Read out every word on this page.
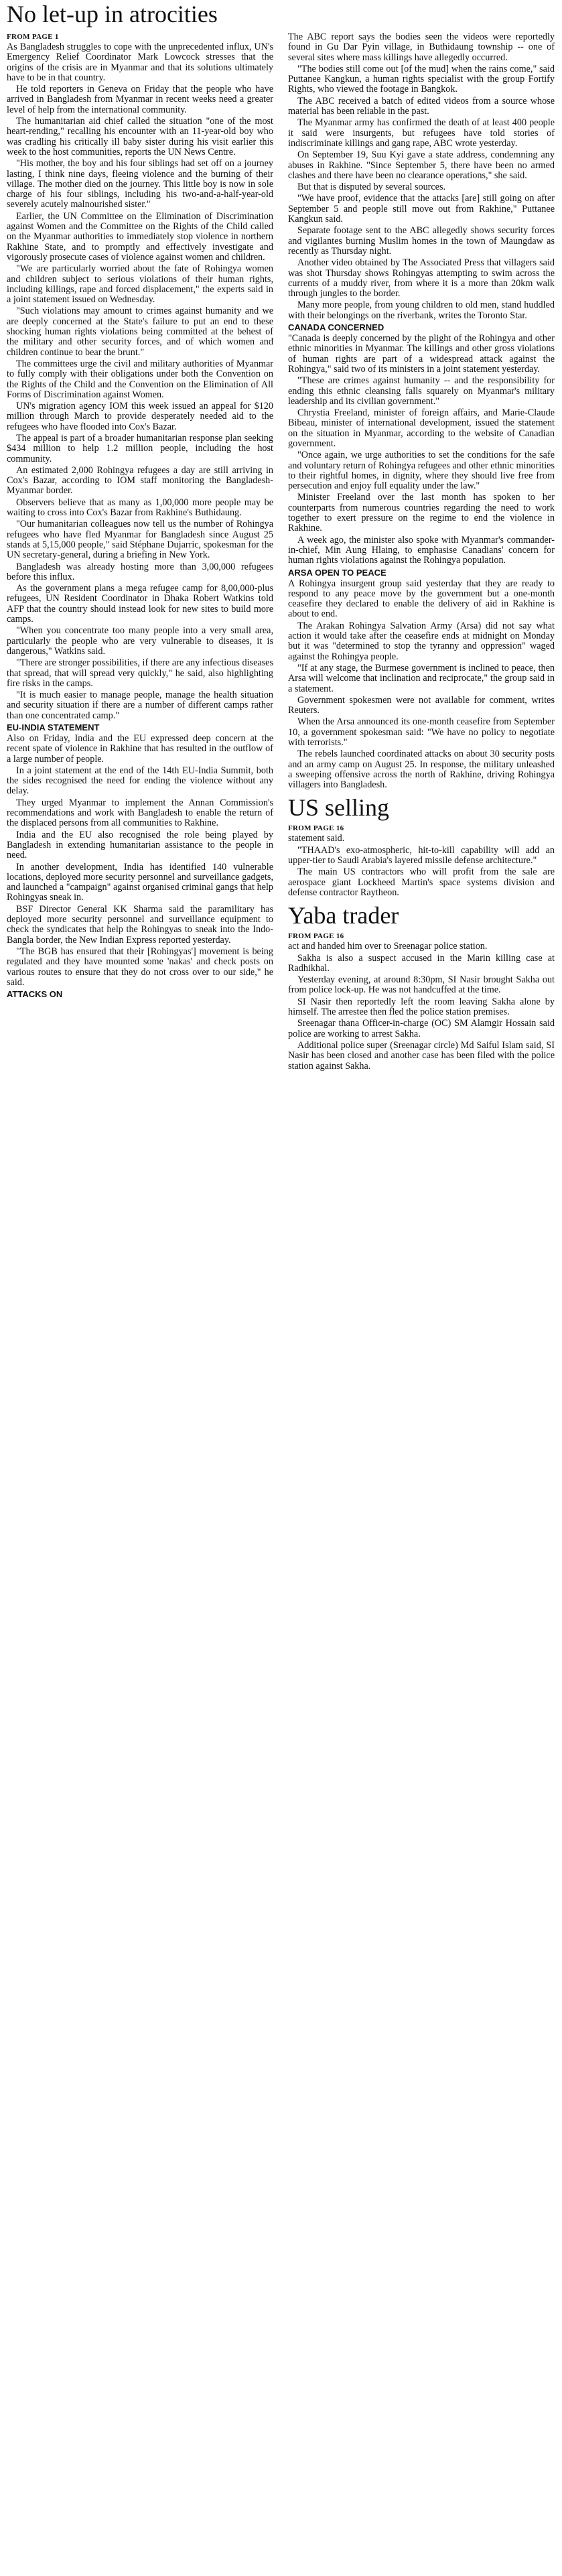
No let-up in atrocities
FROM PAGE 1

As Bangladesh struggles to cope with the unprecedented influx, UN's Emergency Relief Coordinator Mark Lowcock stresses that the origins of the crisis are in Myanmar and that its solutions ultimately have to be in that country.

He told reporters in Geneva on Friday that the people who have arrived in Bangladesh from Myanmar in recent weeks need a greater level of help from the international community.

The humanitarian aid chief called the situation "one of the most heart-rending," recalling his encounter with an 11-year-old boy who was cradling his critically ill baby sister during his visit earlier this week to the host communities, reports the UN News Centre.

"His mother, the boy and his four siblings had set off on a journey lasting, I think nine days, fleeing violence and the burning of their village. The mother died on the journey. This little boy is now in sole charge of his four siblings, including his two-and-a-half-year-old severely acutely malnourished sister."

Earlier, the UN Committee on the Elimination of Discrimination against Women and the Committee on the Rights of the Child called on the Myanmar authorities to immediately stop violence in northern Rakhine State, and to promptly and effectively investigate and vigorously prosecute cases of violence against women and children.

"We are particularly worried about the fate of Rohingya women and children subject to serious violations of their human rights, including killings, rape and forced displacement," the experts said in a joint statement issued on Wednesday.

"Such violations may amount to crimes against humanity and we are deeply concerned at the State's failure to put an end to these shocking human rights violations being committed at the behest of the military and other security forces, and of which women and children continue to bear the brunt."

The committees urge the civil and military authorities of Myanmar to fully comply with their obligations under both the Convention on the Rights of the Child and the Convention on the Elimination of All Forms of Discrimination against Women.

UN's migration agency IOM this week issued an appeal for $120 million through March to provide desperately needed aid to the refugees who have flooded into Cox's Bazar.

The appeal is part of a broader humanitarian response plan seeking $434 million to help 1.2 million people, including the host community.

An estimated 2,000 Rohingya refugees a day are still arriving in Cox's Bazar, according to IOM staff monitoring the Bangladesh-Myanmar border.

Observers believe that as many as 1,00,000 more people may be waiting to cross into Cox's Bazar from Rakhine's Buthidaung.

"Our humanitarian colleagues now tell us the number of Rohingya refugees who have fled Myanmar for Bangladesh since August 25 stands at 5,15,000 people," said Stéphane Dujarric, spokesman for the UN secretary-general, during a briefing in New York.

Bangladesh was already hosting more than 3,00,000 refugees before this influx.

As the government plans a mega refugee camp for 8,00,000-plus refugees, UN Resident Coordinator in Dhaka Robert Watkins told AFP that the country should instead look for new sites to build more camps.

"When you concentrate too many people into a very small area, particularly the people who are very vulnerable to diseases, it is dangerous," Watkins said.

"There are stronger possibilities, if there are any infectious diseases that spread, that will spread very quickly," he said, also highlighting fire risks in the camps.

"It is much easier to manage people, manage the health situation and security situation if there are a number of different camps rather than one concentrated camp."

EU-INDIA STATEMENT

Also on Friday, India and the EU expressed deep concern at the recent spate of violence in Rakhine that has resulted in the outflow of a large number of people.

In a joint statement at the end of the 14th EU-India Summit, both the sides recognised the need for ending the violence without any delay.

They urged Myanmar to implement the Annan Commission's recommendations and work with Bangladesh to enable the return of the displaced persons from all communities to Rakhine.

India and the EU also recognised the role being played by Bangladesh in extending humanitarian assistance to the people in need.

In another development, India has identified 140 vulnerable locations, deployed more security personnel and surveillance gadgets, and launched a "campaign" against organised criminal gangs that help Rohingyas sneak in.

BSF Director General KK Sharma said the paramilitary has deployed more security personnel and surveillance equipment to check the syndicates that help the Rohingyas to sneak into the Indo-Bangla border, the New Indian Express reported yesterday.

"The BGB has ensured that their [Rohingyas'] movement is being regulated and they have mounted some 'nakas' and check posts on various routes to ensure that they do not cross over to our side," he said.

ATTACKS ON

The ABC report says the bodies seen the videos were reportedly found in Gu Dar Pyin village, in Buthidaung township -- one of several sites where mass killings have allegedly occurred.

"The bodies still come out [of the mud] when the rains come," said Puttanee Kangkun, a human rights specialist with the group Fortify Rights, who viewed the footage in Bangkok.

The ABC received a batch of edited videos from a source whose material has been reliable in the past.

The Myanmar army has confirmed the death of at least 400 people it said were insurgents, but refugees have told stories of indiscriminate killings and gang rape, ABC wrote yesterday.

On September 19, Suu Kyi gave a state address, condemning any abuses in Rakhine. "Since September 5, there have been no armed clashes and there have been no clearance operations," she said.

But that is disputed by several sources.

"We have proof, evidence that the attacks [are] still going on after September 5 and people still move out from Rakhine," Puttanee Kangkun said.

Separate footage sent to the ABC allegedly shows security forces and vigilantes burning Muslim homes in the town of Maungdaw as recently as Thursday night.

Another video obtained by The Associated Press that villagers said was shot Thursday shows Rohingyas attempting to swim across the currents of a muddy river, from where it is a more than 20km walk through jungles to the border.

Many more people, from young children to old men, stand huddled with their belongings on the riverbank, writes the Toronto Star.

CANADA CONCERNED

"Canada is deeply concerned by the plight of the Rohingya and other ethnic minorities in Myanmar. The killings and other gross violations of human rights are part of a widespread attack against the Rohingya," said two of its ministers in a joint statement yesterday.

"These are crimes against humanity -- and the responsibility for ending this ethnic cleansing falls squarely on Myanmar's military leadership and its civilian government."

Chrystia Freeland, minister of foreign affairs, and Marie-Claude Bibeau, minister of international development, issued the statement on the situation in Myanmar, according to the website of Canadian government.

"Once again, we urge authorities to set the conditions for the safe and voluntary return of Rohingya refugees and other ethnic minorities to their rightful homes, in dignity, where they should live free from persecution and enjoy full equality under the law."

Minister Freeland over the last month has spoken to her counterparts from numerous countries regarding the need to work together to exert pressure on the regime to end the violence in Rakhine.

A week ago, the minister also spoke with Myanmar's commander-in-chief, Min Aung Hlaing, to emphasise Canadians' concern for human rights violations against the Rohingya population.

ARSA OPEN TO PEACE

A Rohingya insurgent group said yesterday that they are ready to respond to any peace move by the government but a one-month ceasefire they declared to enable the delivery of aid in Rakhine is about to end.

The Arakan Rohingya Salvation Army (Arsa) did not say what action it would take after the ceasefire ends at midnight on Monday but it was "determined to stop the tyranny and oppression" waged against the Rohingya people.

"If at any stage, the Burmese government is inclined to peace, then Arsa will welcome that inclination and reciprocate," the group said in a statement.

Government spokesmen were not available for comment, writes Reuters.

When the Arsa announced its one-month ceasefire from September 10, a government spokesman said: "We have no policy to negotiate with terrorists."

The rebels launched coordinated attacks on about 30 security posts and an army camp on August 25. In response, the military unleashed a sweeping offensive across the north of Rakhine, driving Rohingya villagers into Bangladesh.

US selling
FROM PAGE 16

statement said.

"THAAD's exo-atmospheric, hit-to-kill capability will add an upper-tier to Saudi Arabia's layered missile defense architecture."

The main US contractors who will profit from the sale are aerospace giant Lockheed Martin's space systems division and defense contractor Raytheon.

Yaba trader
FROM PAGE 16

act and handed him over to Sreenagar police station.

Sakha is also a suspect accused in the Marin killing case at Radhikhal.

Yesterday evening, at around 8:30pm, SI Nasir brought Sakha out from police lock-up. He was not handcuffed at the time.

SI Nasir then reportedly left the room leaving Sakha alone by himself. The arrestee then fled the police station premises.

Sreenagar thana Officer-in-charge (OC) SM Alamgir Hossain said police are working to arrest Sakha.

Additional police super (Sreenagar circle) Md Saiful Islam said, SI Nasir has been closed and another case has been filed with the police station against Sakha.
